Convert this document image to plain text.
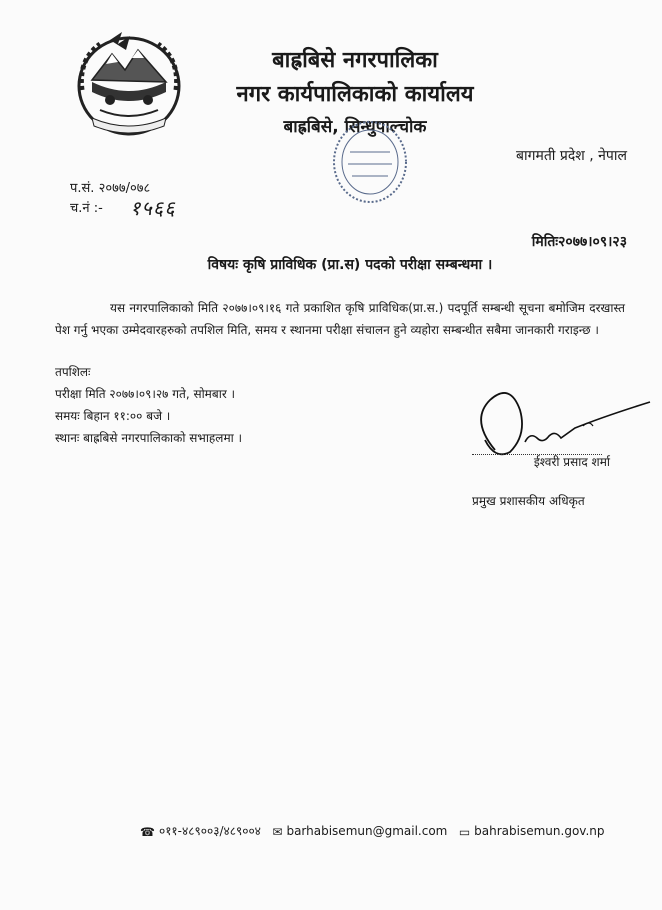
बाह्रबिसे नगरपालिका
नगर कार्यपालिकाको कार्यालय
बाह्रबिसे, सिन्धुपाल्चोक
बागमती प्रदेश , नेपाल
प.सं. २०७७/०७८
च.नं :- १५६६
मितिः२०७७।०९।२३
विषयः कृषि प्राविधिक (प्रा.स) पदको परीक्षा सम्बन्धमा ।
यस नगरपालिकाको मिति २०७७।०९।१६ गते प्रकाशित कृषि प्राविधिक(प्रा.स.) पदपूर्ति सम्बन्धी सूचना बमोजिम दरखास्त पेश गर्नु भएका उम्मेदवारहरुको तपशिल मिति, समय र स्थानमा परीक्षा संचालन हुने व्यहोरा सम्बन्धीत सबैमा जानकारी गराइन्छ ।
तपशिलः
परीक्षा मिति २०७७।०९।२७ गते, सोमबार ।
समयः बिहान ११:०० बजे ।
स्थानः बाह्रबिसे नगरपालिकाको सभाहलमा ।
ईश्वरी प्रसाद शर्मा
प्रमुख प्रशासकीय अधिकृत
☎ ०११-४८९००३/४८९००४ ✉ barhabisemun@gmail.com ▭ bahrabisemun.gov.np
